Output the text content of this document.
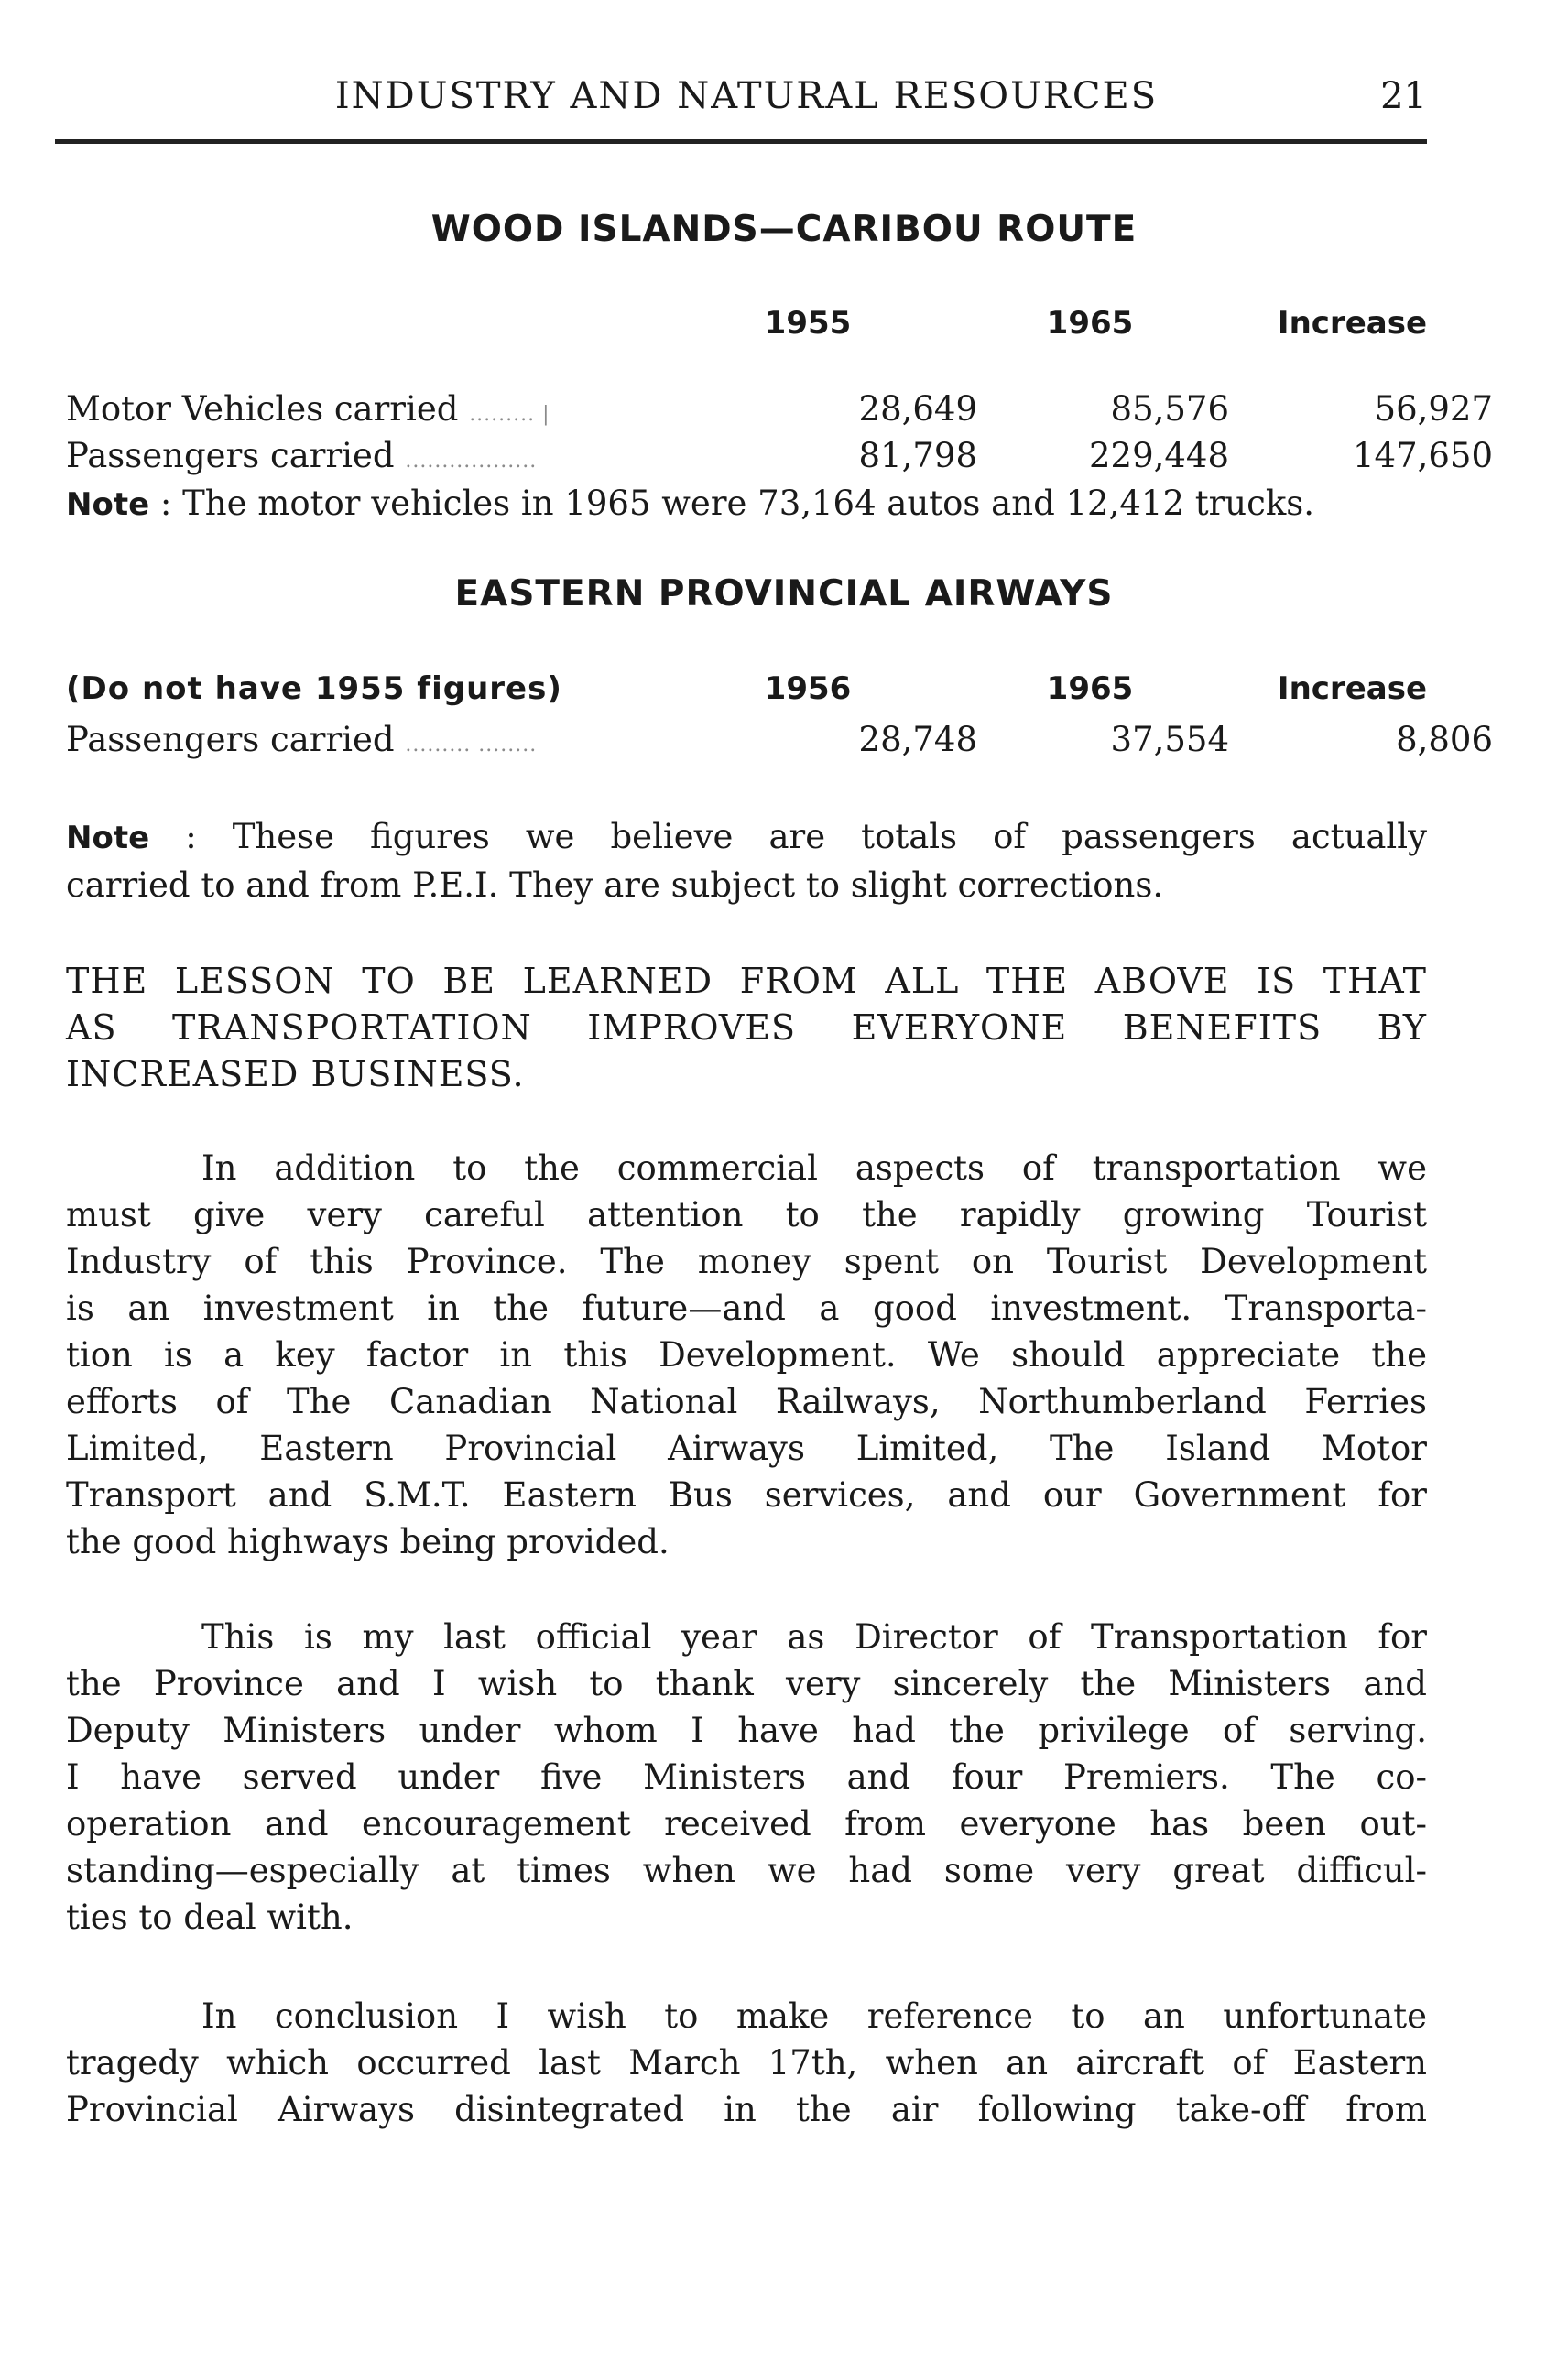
INDUSTRY AND NATURAL RESOURCES	21
WOOD ISLANDS—CARIBOU ROUTE
1955	1965	Increase
Motor Vehicles carried ......... |	28,649	85,576	56,927
Passengers carried ..................	81,798	229,448	147,650
Note : The motor vehicles in 1965 were 73,164 autos and 12,412 trucks.
EASTERN PROVINCIAL AIRWAYS
(Do not have 1955 figures)	1956	1965	Increase
Passengers carried ......... ........	28,748	37,554	8,806
Note : These figures we believe are totals of passengers actually
carried to and from P.E.I. They are subject to slight corrections.
THE LESSON TO BE LEARNED FROM ALL THE ABOVE IS THAT
AS TRANSPORTATION IMPROVES EVERYONE BENEFITS BY
INCREASED BUSINESS.
In addition to the commercial aspects of transportation we
must give very careful attention to the rapidly growing Tourist
Industry of this Province. The money spent on Tourist Development
is an investment in the future—and a good investment. Transporta-
tion is a key factor in this Development. We should appreciate the
efforts of The Canadian National Railways, Northumberland Ferries
Limited, Eastern Provincial Airways Limited, The Island Motor
Transport and S.M.T. Eastern Bus services, and our Government for
the good highways being provided.
This is my last official year as Director of Transportation for
the Province and I wish to thank very sincerely the Ministers and
Deputy Ministers under whom I have had the privilege of serving.
I have served under five Ministers and four Premiers. The co-
operation and encouragement received from everyone has been out-
standing—especially at times when we had some very great difficul-
ties to deal with.
In conclusion I wish to make reference to an unfortunate
tragedy which occurred last March 17th, when an aircraft of Eastern
Provincial Airways disintegrated in the air following take-off from
